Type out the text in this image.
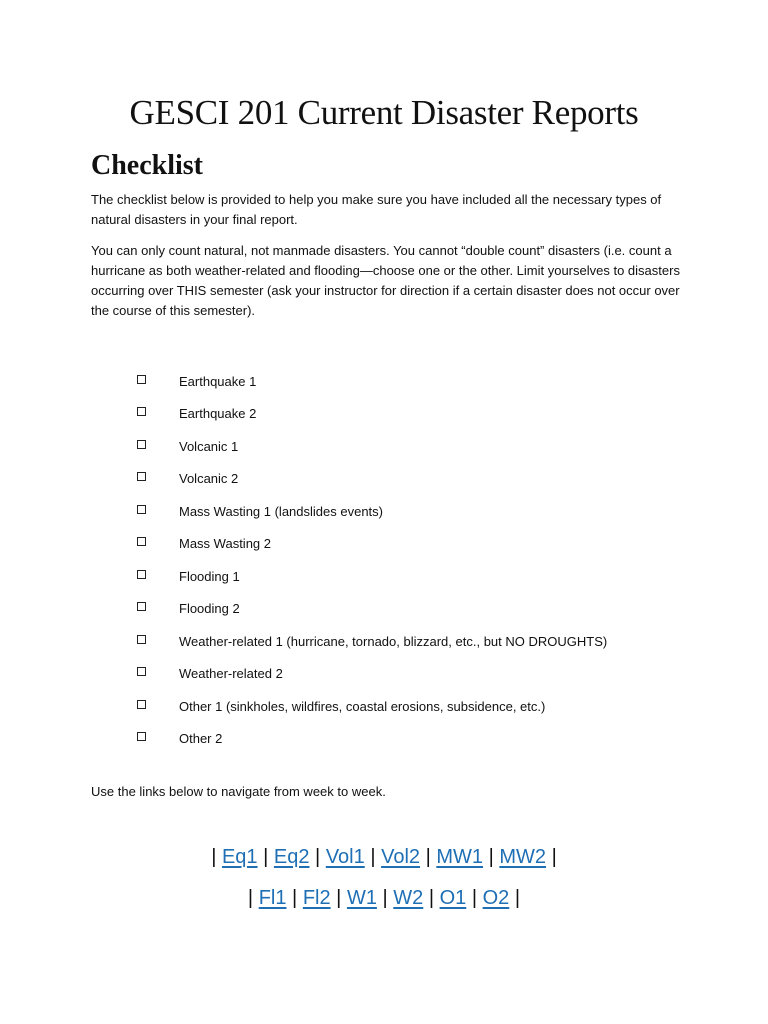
GESCI 201 Current Disaster Reports
Checklist
The checklist below is provided to help you make sure you have included all the necessary types of natural disasters in your final report.
You can only count natural, not manmade disasters. You cannot “double count” disasters (i.e. count a hurricane as both weather-related and flooding—choose one or the other. Limit yourselves to disasters occurring over THIS semester (ask your instructor for direction if a certain disaster does not occur over the course of this semester).
Earthquake 1
Earthquake 2
Volcanic 1
Volcanic 2
Mass Wasting 1 (landslides events)
Mass Wasting 2
Flooding 1
Flooding 2
Weather-related 1 (hurricane, tornado, blizzard, etc., but NO DROUGHTS)
Weather-related 2
Other 1 (sinkholes, wildfires, coastal erosions, subsidence, etc.)
Other 2
Use the links below to navigate from week to week.
| Eq1 | Eq2 | Vol1 | Vol2 | MW1 | MW2 |
| Fl1 | Fl2 | W1 | W2 | O1 | O2 |
